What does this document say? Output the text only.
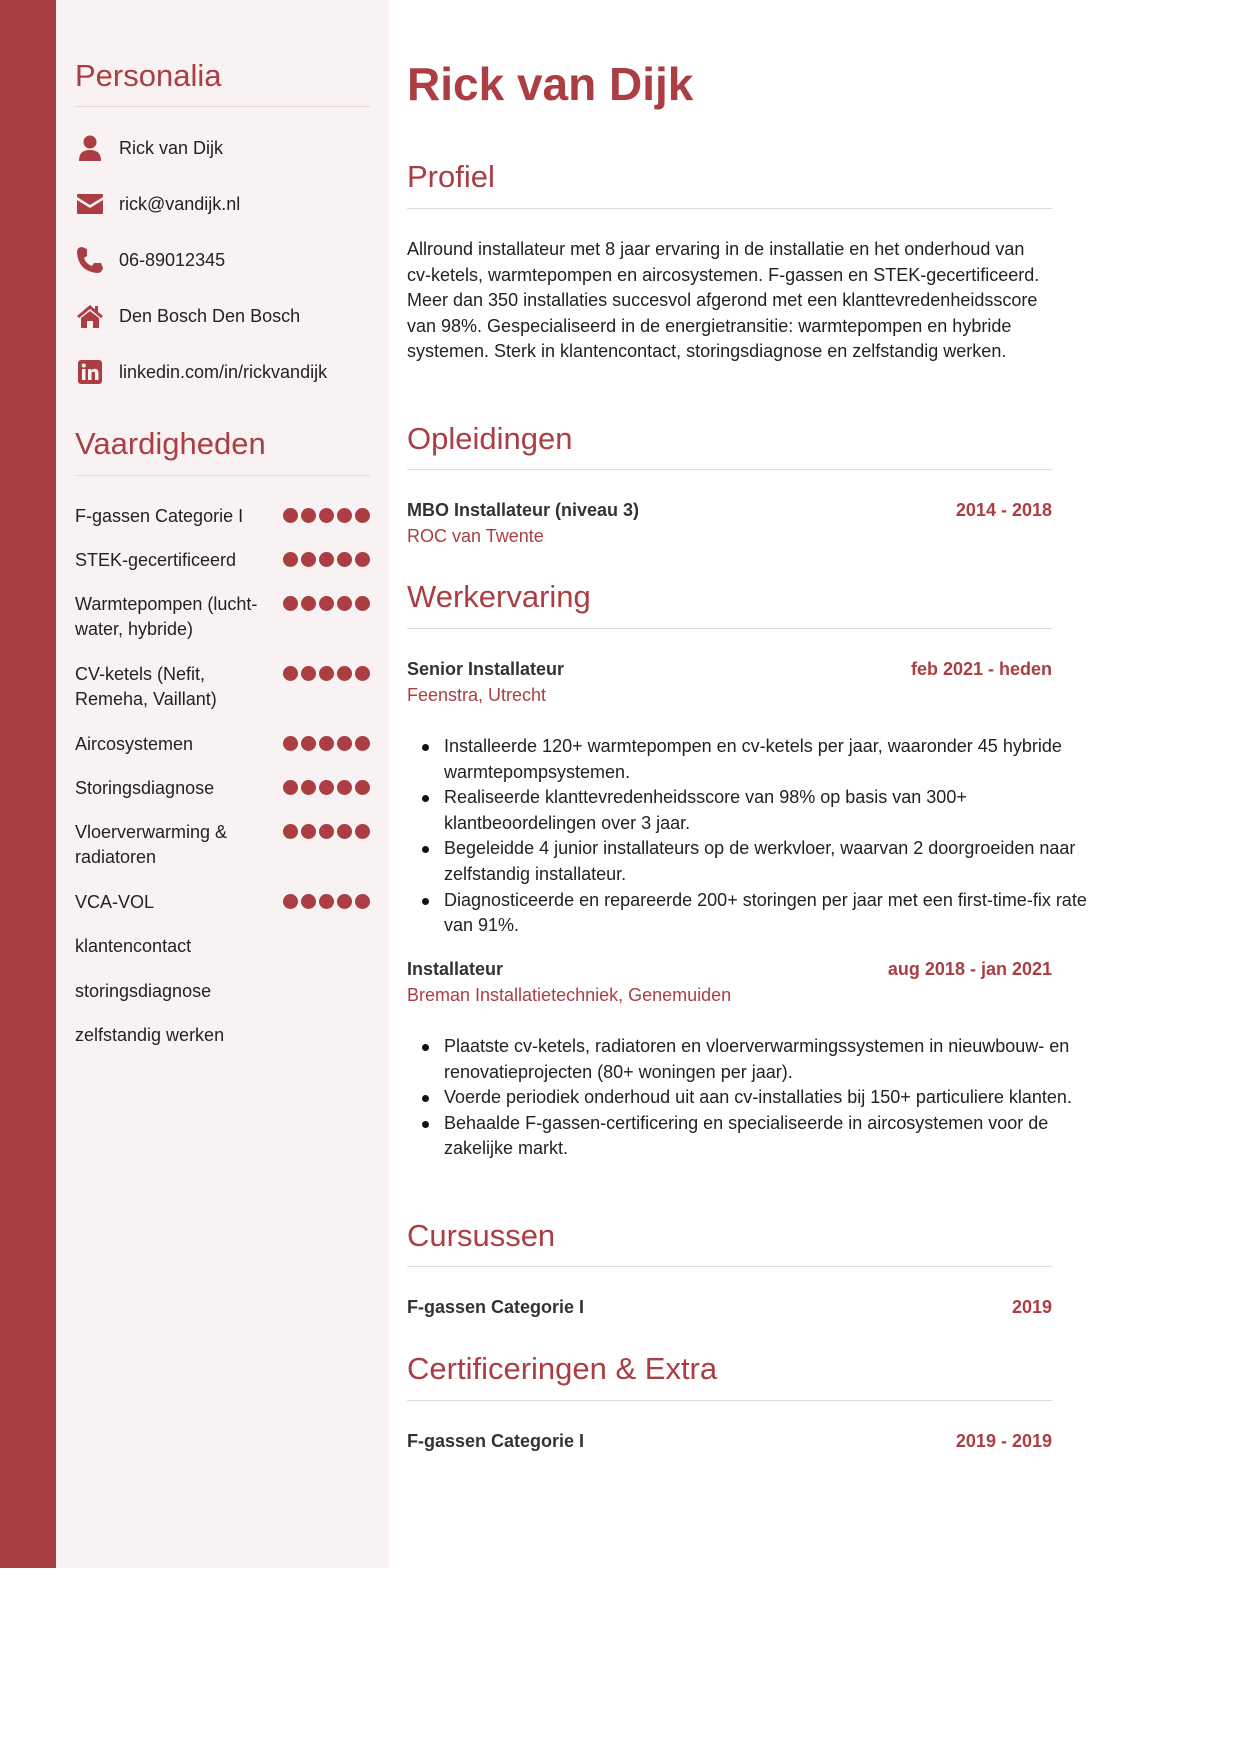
Personalia
Rick van Dijk
rick@vandijk.nl
06-89012345
Den Bosch Den Bosch
linkedin.com/in/rickvandijk
Vaardigheden
F-gassen Categorie I
STEK-gecertificeerd
Warmtepompen (lucht-water, hybride)
CV-ketels (Nefit, Remeha, Vaillant)
Aircosystemen
Storingsdiagnose
Vloerverwarming & radiatoren
VCA-VOL
klantencontact
storingsdiagnose
zelfstandig werken
Rick van Dijk
Profiel
Allround installateur met 8 jaar ervaring in de installatie en het onderhoud van cv-ketels, warmtepompen en aircosystemen. F-gassen en STEK-gecertificeerd. Meer dan 350 installaties succesvol afgerond met een klanttevredenheidsscore van 98%. Gespecialiseerd in de energietransitie: warmtepompen en hybride systemen. Sterk in klantencontact, storingsdiagnose en zelfstandig werken.
Opleidingen
MBO Installateur (niveau 3)	2014 - 2018
ROC van Twente
Werkervaring
Senior Installateur	feb 2021 - heden
Feenstra, Utrecht
Installeerde 120+ warmtepompen en cv-ketels per jaar, waaronder 45 hybride warmtepompsystemen.
Realiseerde klanttevredenheidsscore van 98% op basis van 300+ klantbeoordelingen over 3 jaar.
Begeleidde 4 junior installateurs op de werkvloer, waarvan 2 doorgroeiden naar zelfstandig installateur.
Diagnosticeerde en repareerde 200+ storingen per jaar met een first-time-fix rate van 91%.
Installateur	aug 2018 - jan 2021
Breman Installatietechniek, Genemuiden
Plaatste cv-ketels, radiatoren en vloerverwarmingssystemen in nieuwbouw- en renovatieprojecten (80+ woningen per jaar).
Voerde periodiek onderhoud uit aan cv-installaties bij 150+ particuliere klanten.
Behaalde F-gassen-certificering en specialiseerde in aircosystemen voor de zakelijke markt.
Cursussen
F-gassen Categorie I	2019
Certificeringen & Extra
F-gassen Categorie I	2019 - 2019
